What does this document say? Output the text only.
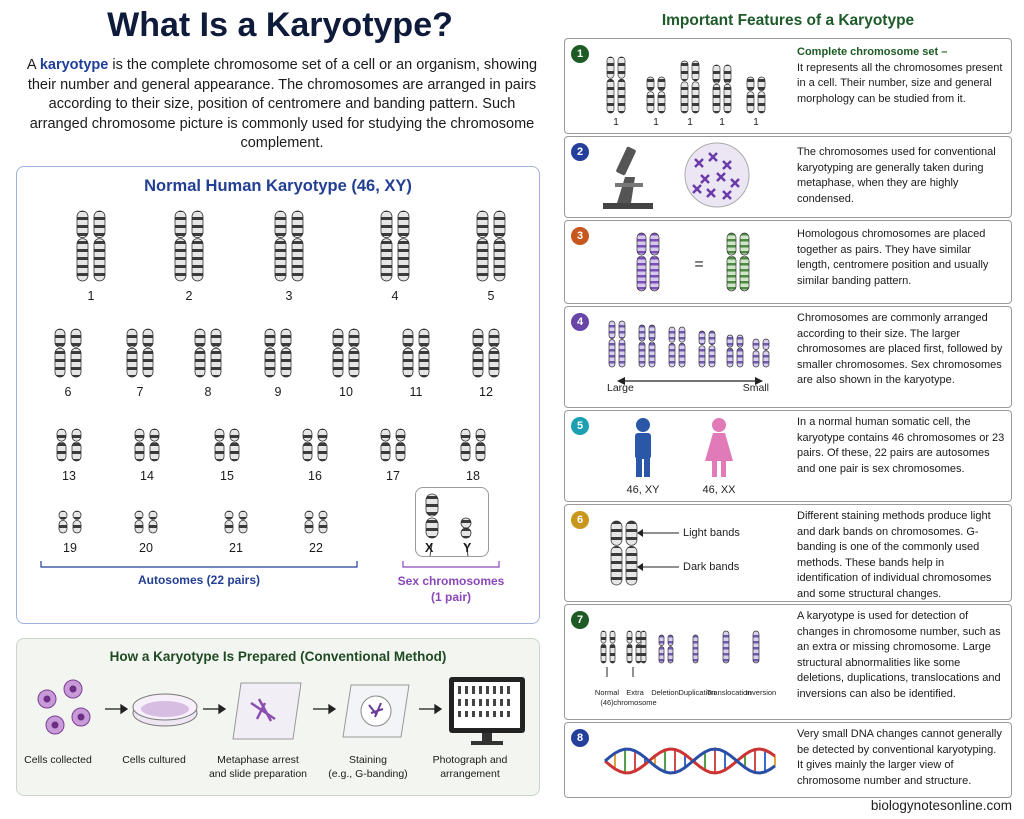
What Is a Karyotype?
A karyotype is the complete chromosome set of a cell or an organism, showing their number and general appearance. The chromosomes are arranged in pairs according to their size, position of centromere and banding pattern. Such arranged chromosome picture is commonly used for studying the chromosome complement.
Normal Human Karyotype (46, XY)
1	2	3	4	5
6	7	8	9	10	11	12
13	14	15	16	17	18
19	20	21	22	X Y
Autosomes (22 pairs)	Sex chromosomes
(1 pair)
How a Karyotype Is Prepared (Conventional Method)
Cells collected	Cells cultured	Metaphase arrest
and slide preparation
Staining
(e.g., G-banding)
Photograph and
arrangement
Important Features of a Karyotype
1
1	1	1	1	1
Complete chromosome set –
It represents all the chromosomes present in a cell. Their number, size and general morphology can be studied from it.
2	The chromosomes used for conventional karyotyping are generally taken during metaphase, when they are highly condensed.
3
=
Homologous chromosomes are placed together as pairs. They have similar length, centromere position and usually similar banding pattern.
4
Large	Small
Chromosomes are commonly arranged according to their size. The larger chromosomes are placed first, followed by smaller chromosomes. Sex chromosomes are also shown in the karyotype.
5
46, XY	46, XX
In a normal human somatic cell, the karyotype contains 46 chromosomes or 23 pairs. Of these, 22 pairs are autosomes and one pair is sex chromosomes.
6
Light bands
Dark bands
Different staining methods produce light and dark bands on chromosomes. G-banding is one of the commonly used methods. These bands help in identification of individual chromosomes and some structural changes.
7
Normal
(46)
Extra
chromosome
Deletion Duplication
Translocation
Inversion
A karyotype is used for detection of changes in chromosome number, such as an extra or missing chromosome. Large structural abnormalities like some deletions, duplications, translocations and inversions can also be identified.
8	Very small DNA changes cannot generally be detected by conventional karyotyping. It gives mainly the larger view of chromosome number and structure.
biologynotesonline.com
